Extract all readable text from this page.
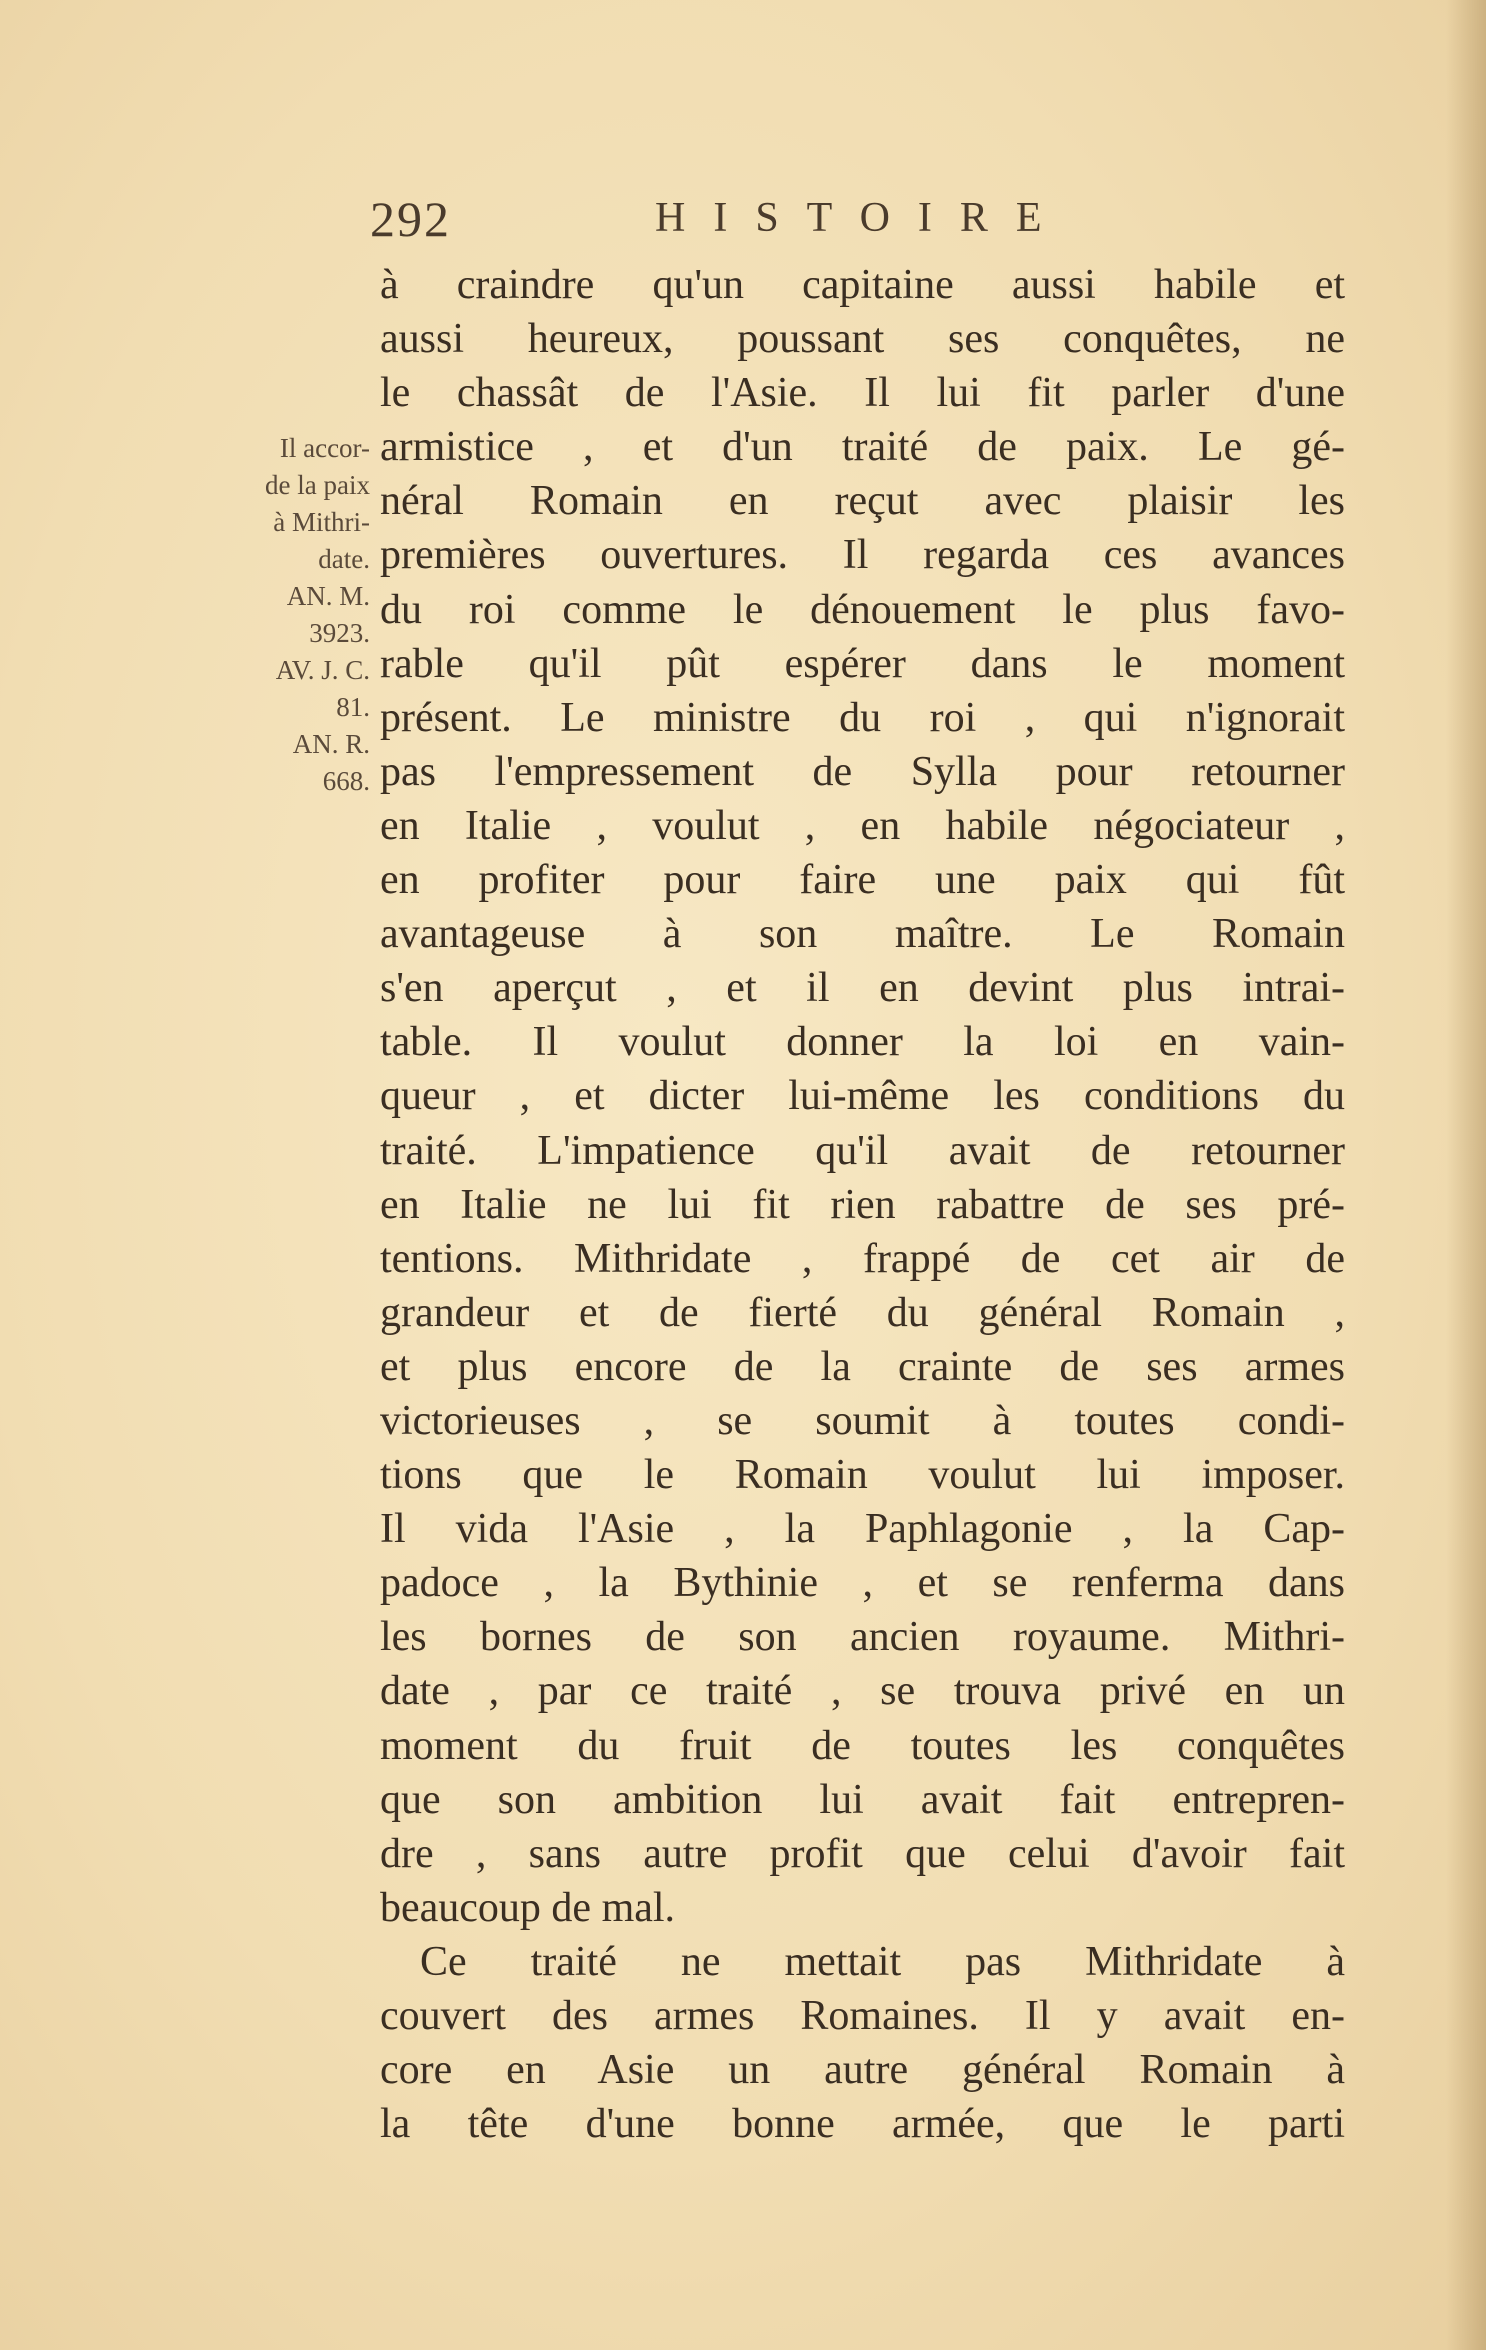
292	HISTOIRE
Il accor-
de la paix
à Mithri-
date.
AN. M.
3923.
AV. J. C.
81.
AN. R.
668.
à craindre qu'un capitaine aussi habile et
aussi heureux, poussant ses conquêtes, ne
le chassât de l'Asie. Il lui fit parler d'une
armistice , et d'un traité de paix. Le gé-
néral Romain en reçut avec plaisir les
premières ouvertures. Il regarda ces avances
du roi comme le dénouement le plus favo-
rable qu'il pût espérer dans le moment
présent. Le ministre du roi , qui n'ignorait
pas l'empressement de Sylla pour retourner
en Italie , voulut , en habile négociateur ,
en profiter pour faire une paix qui fût
avantageuse à son maître. Le Romain
s'en aperçut , et il en devint plus intrai-
table. Il voulut donner la loi en vain-
queur , et dicter lui-même les conditions du
traité. L'impatience qu'il avait de retourner
en Italie ne lui fit rien rabattre de ses pré-
tentions. Mithridate , frappé de cet air de
grandeur et de fierté du général Romain ,
et plus encore de la crainte de ses armes
victorieuses , se soumit à toutes condi-
tions que le Romain voulut lui imposer.
Il vida l'Asie , la Paphlagonie , la Cap-
padoce , la Bythinie , et se renferma dans
les bornes de son ancien royaume. Mithri-
date , par ce traité , se trouva privé en un
moment du fruit de toutes les conquêtes
que son ambition lui avait fait entrepren-
dre , sans autre profit que celui d'avoir fait
beaucoup de mal.
Ce traité ne mettait pas Mithridate à
couvert des armes Romaines. Il y avait en-
core en Asie un autre général Romain à
la tête d'une bonne armée, que le parti
